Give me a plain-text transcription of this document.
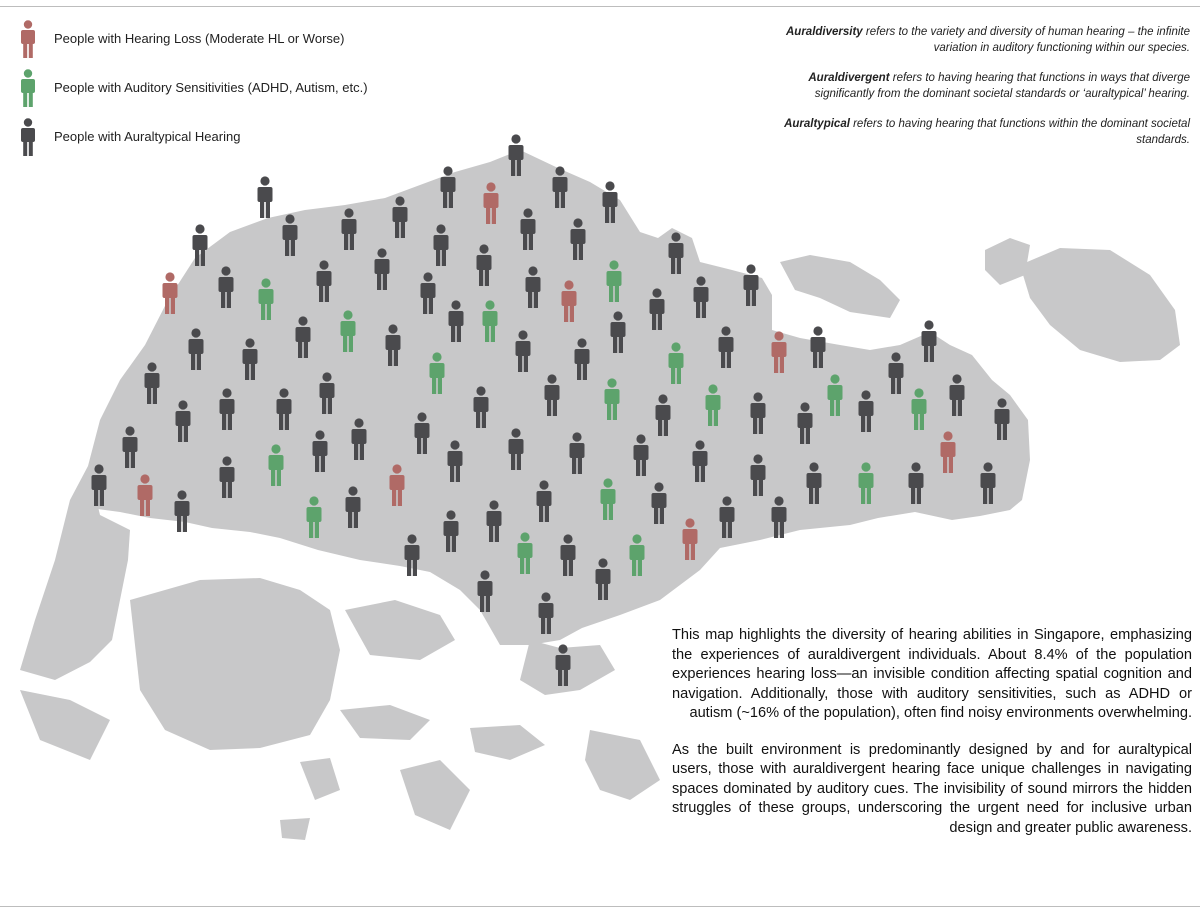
People with Hearing Loss (Moderate HL or Worse)
People with Auditory Sensitivities (ADHD, Autism, etc.)
People with Auraltypical Hearing

Auraldiversity refers to the variety and diversity of human hearing – the infinite variation in auditory functioning within our species.

Auraldivergent refers to having hearing that functions in ways that diverge significantly from the dominant societal standards or ‘auraltypical’ hearing.

Auraltypical refers to having hearing that functions within the dominant societal standards.

This map highlights the diversity of hearing abilities in Singapore, emphasizing the experiences of auraldivergent individuals. About 8.4% of the population experiences hearing loss—an invisible condition affecting spatial cognition and navigation. Additionally, those with auditory sensitivities, such as ADHD or autism (~16% of the population), often find noisy environments overwhelming.

As the built environment is predominantly designed by and for auraltypical users, those with auraldivergent hearing face unique challenges in navigating spaces dominated by auditory cues. The invisibility of sound mirrors the hidden struggles of these groups, underscoring the urgent need for inclusive urban design and greater public awareness.
